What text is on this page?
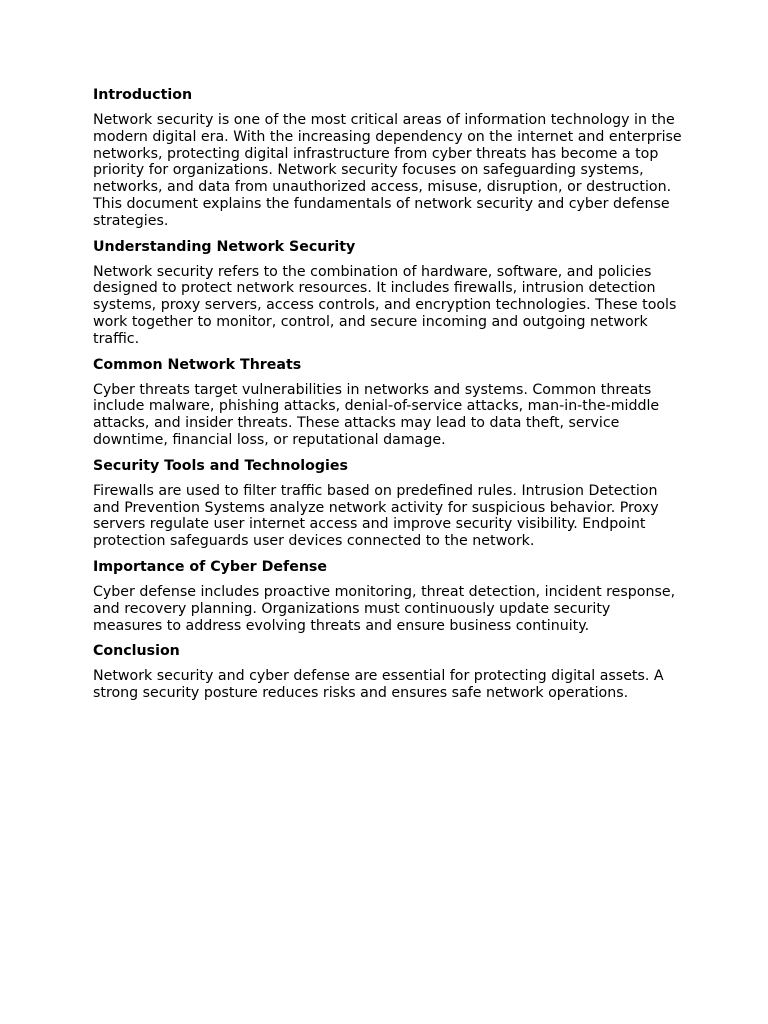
Introduction

Network security is one of the most critical areas of information technology in the modern digital era. With the increasing dependency on the internet and enterprise networks, protecting digital infrastructure from cyber threats has become a top priority for organizations. Network security focuses on safeguarding systems, networks, and data from unauthorized access, misuse, disruption, or destruction. This document explains the fundamentals of network security and cyber defense strategies.

Understanding Network Security

Network security refers to the combination of hardware, software, and policies designed to protect network resources. It includes firewalls, intrusion detection systems, proxy servers, access controls, and encryption technologies. These tools work together to monitor, control, and secure incoming and outgoing network traffic.

Common Network Threats

Cyber threats target vulnerabilities in networks and systems. Common threats include malware, phishing attacks, denial-of-service attacks, man-in-the-middle attacks, and insider threats. These attacks may lead to data theft, service downtime, financial loss, or reputational damage.

Security Tools and Technologies

Firewalls are used to filter traffic based on predefined rules. Intrusion Detection and Prevention Systems analyze network activity for suspicious behavior. Proxy servers regulate user internet access and improve security visibility. Endpoint protection safeguards user devices connected to the network.

Importance of Cyber Defense

Cyber defense includes proactive monitoring, threat detection, incident response, and recovery planning. Organizations must continuously update security measures to address evolving threats and ensure business continuity.

Conclusion

Network security and cyber defense are essential for protecting digital assets. A strong security posture reduces risks and ensures safe network operations.
